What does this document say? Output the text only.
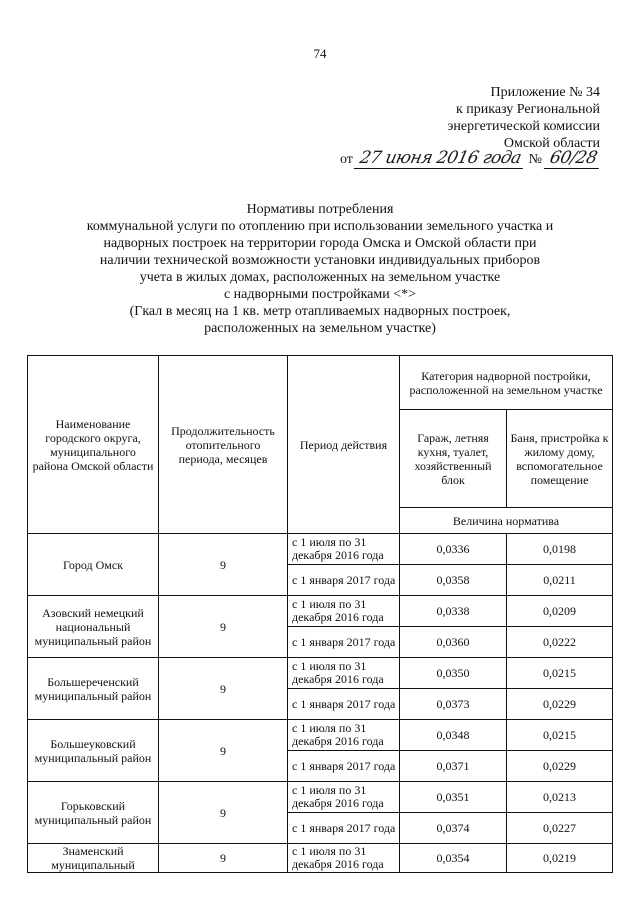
74
Приложение № 34
к приказу Региональной
энергетической комиссии
Омской области
от 27 июня 2016 года № 60/28
Нормативы потребления
коммунальной услуги по отоплению при использовании земельного участка и
надворных построек на территории города Омска и Омской области при
наличии технической возможности установки индивидуальных приборов
учета в жилых домах, расположенных на земельном участке
с надворными постройками <*>
(Гкал в месяц на 1 кв. метр отапливаемых надворных построек,
расположенных на земельном участке)
Наименование городского округа, муниципального района Омской области	Продолжительность отопительного периода, месяцев	Период действия	Категория надворной постройки, расположенной на земельном участке	
			Гараж, летняя кухня, туалет, хозяйственный блок	Баня, пристройка к жилому дому, вспомогательное помещение
			Величина норматива	
Город Омск	9	с 1 июля по 31 декабря 2016 года	0,0336	0,0198
		с 1 января 2017 года	0,0358	0,0211
Азовский немецкий национальный муниципальный район	9	с 1 июля по 31 декабря 2016 года	0,0338	0,0209
		с 1 января 2017 года	0,0360	0,0222
Большереченский муниципальный район	9	с 1 июля по 31 декабря 2016 года	0,0350	0,0215
		с 1 января 2017 года	0,0373	0,0229
Большеуковский муниципальный район	9	с 1 июля по 31 декабря 2016 года	0,0348	0,0215
		с 1 января 2017 года	0,0371	0,0229
Горьковский муниципальный район	9	с 1 июля по 31 декабря 2016 года	0,0351	0,0213
		с 1 января 2017 года	0,0374	0,0227
Знаменский муниципальный	9	с 1 июля по 31 декабря 2016 года	0,0354	0,0219
